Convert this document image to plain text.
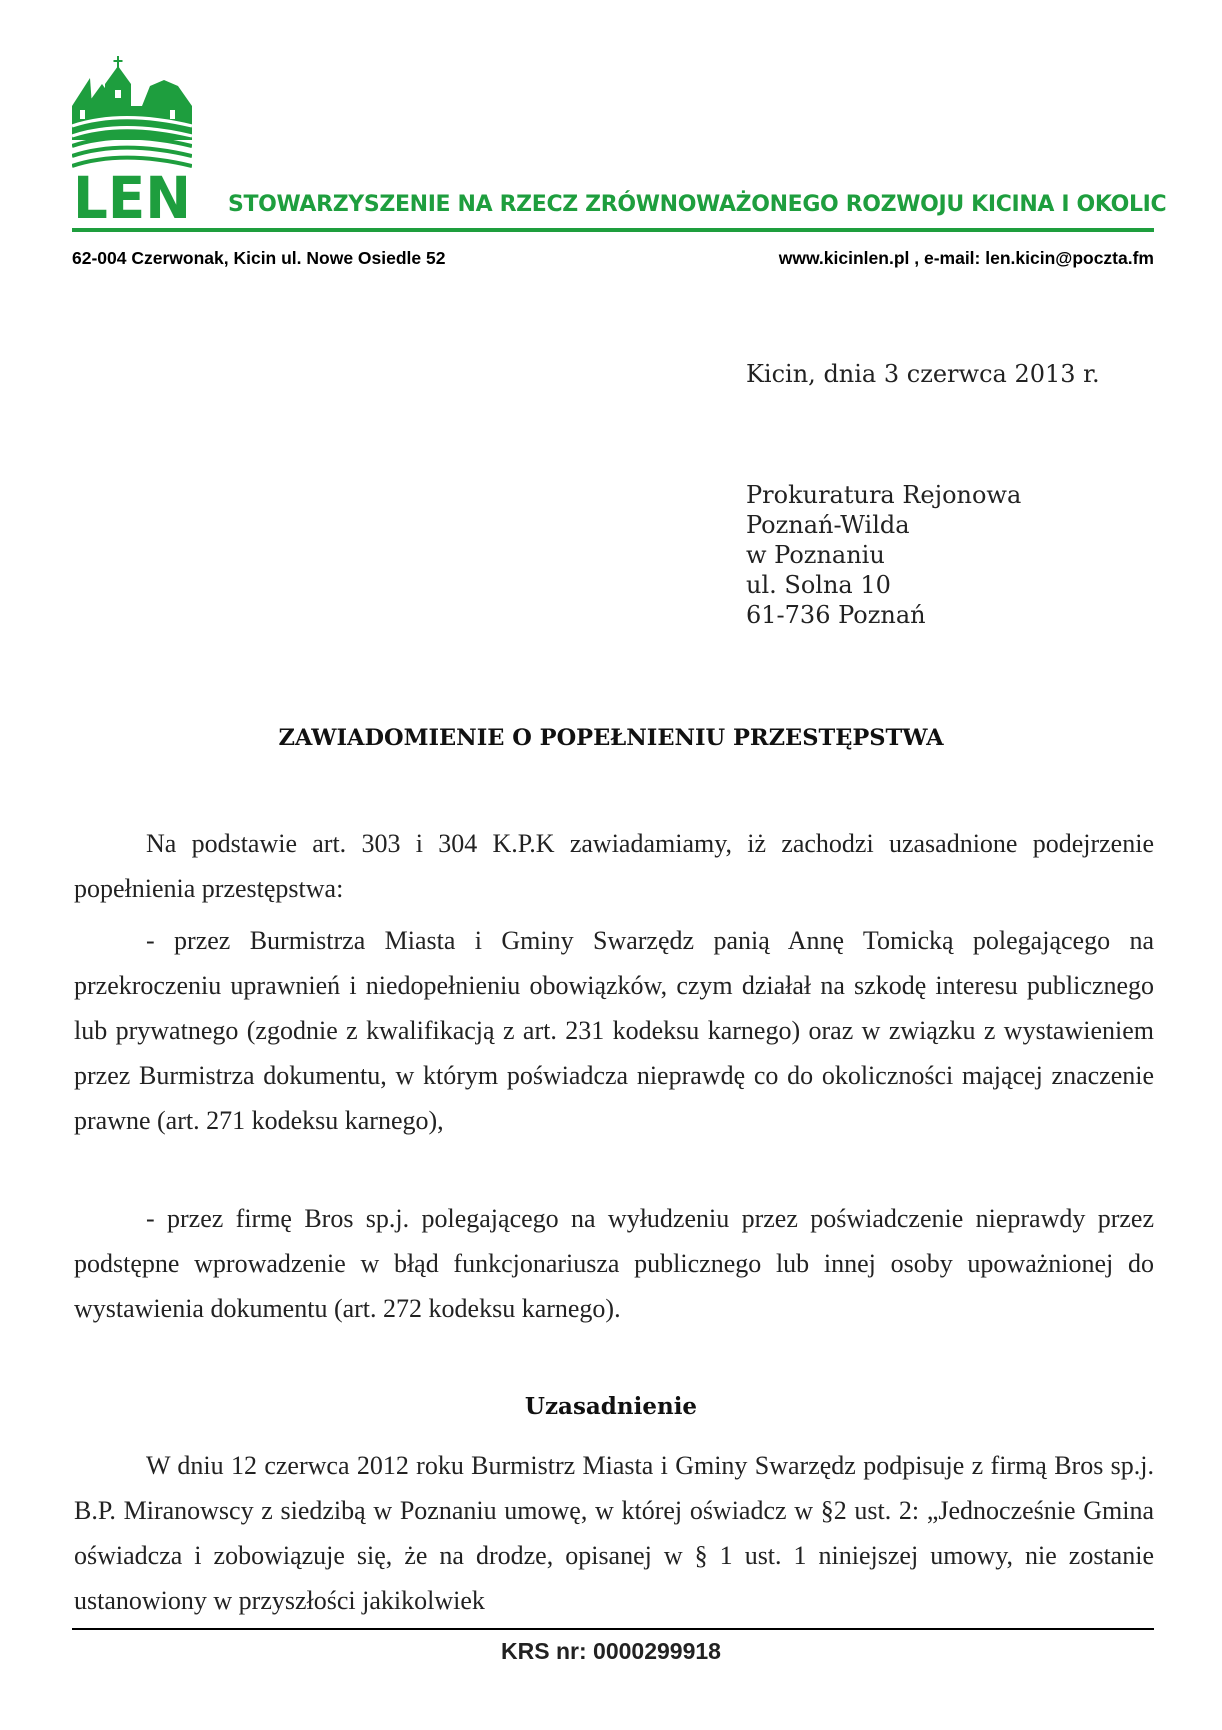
LEN STOWARZYSZENIE NA RZECZ ZRÓWNOWAŻONEGO ROZWOJU KICINA I OKOLIC
62-004 Czerwonak, Kicin ul. Nowe Osiedle 52	www.kicinlen.pl , e-mail: len.kicin@poczta.fm
Kicin, dnia 3 czerwca 2013 r.
Prokuratura Rejonowa
Poznań-Wilda
w Poznaniu
ul. Solna 10
61-736 Poznań
ZAWIADOMIENIE O POPEŁNIENIU PRZESTĘPSTWA

Na podstawie art. 303 i 304 K.P.K zawiadamiamy, iż zachodzi uzasadnione podejrzenie popełnienia przestępstwa:

- przez Burmistrza Miasta i Gminy Swarzędz panią Annę Tomicką polegającego na przekroczeniu uprawnień i niedopełnieniu obowiązków, czym działał na szkodę interesu publicznego lub prywatnego (zgodnie z kwalifikacją z art. 231 kodeksu karnego) oraz w związku z wystawieniem przez Burmistrza dokumentu, w którym poświadcza nieprawdę co do okoliczności mającej znaczenie prawne (art. 271 kodeksu karnego),

- przez firmę Bros sp.j. polegającego na wyłudzeniu przez poświadczenie nieprawdy przez podstępne wprowadzenie w błąd funkcjonariusza publicznego lub innej osoby upoważnionej do wystawienia dokumentu (art. 272 kodeksu karnego).

Uzasadnienie

W dniu 12 czerwca 2012 roku Burmistrz Miasta i Gminy Swarzędz podpisuje z firmą Bros sp.j. B.P. Miranowscy z siedzibą w Poznaniu umowę, w której oświadcz w §2 ust. 2: „Jednocześnie Gmina oświadcza i zobowiązuje się, że na drodze, opisanej w § 1 ust. 1 niniejszej umowy, nie zostanie ustanowiony w przyszłości jakikolwiek

KRS nr: 0000299918
